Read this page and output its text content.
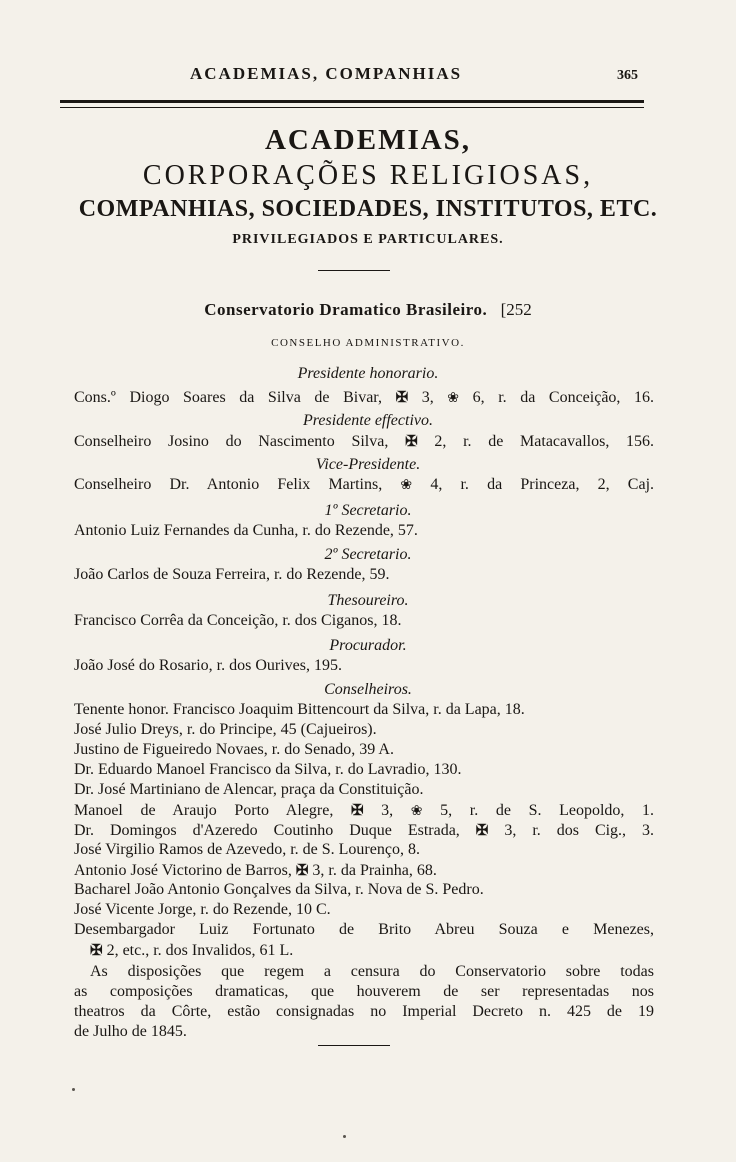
ACADEMIAS, COMPANHIAS	365
ACADEMIAS,
CORPORAÇÕES RELIGIOSAS,
COMPANHIAS, SOCIEDADES, INSTITUTOS, ETC.
PRIVILEGIADOS E PARTICULARES.
Conservatorio Dramatico Brasileiro. [252
CONSELHO ADMINISTRATIVO.
Presidente honorario.
Cons.º Diogo Soares da Silva de Bivar, ✠ 3, ❀ 6, r. da Conceição, 16.
Presidente effectivo.
Conselheiro Josino do Nascimento Silva, ✠ 2, r. de Matacavallos, 156.
Vice-Presidente.
Conselheiro Dr. Antonio Felix Martins, ❀ 4, r. da Princeza, 2, Caj.
1º Secretario.
Antonio Luiz Fernandes da Cunha, r. do Rezende, 57.
2º Secretario.
João Carlos de Souza Ferreira, r. do Rezende, 59.
Thesoureiro.
Francisco Corrêa da Conceição, r. dos Ciganos, 18.
Procurador.
João José do Rosario, r. dos Ourives, 195.
Conselheiros.
Tenente honor. Francisco Joaquim Bittencourt da Silva, r. da Lapa, 18.
José Julio Dreys, r. do Principe, 45 (Cajueiros).
Justino de Figueiredo Novaes, r. do Senado, 39 A.
Dr. Eduardo Manoel Francisco da Silva, r. do Lavradio, 130.
Dr. José Martiniano de Alencar, praça da Constituição.
Manoel de Araujo Porto Alegre, ✠ 3, ❀ 5, r. de S. Leopoldo, 1.
Dr. Domingos d'Azeredo Coutinho Duque Estrada, ✠ 3, r. dos Cig., 3.
José Virgilio Ramos de Azevedo, r. de S. Lourenço, 8.
Antonio José Victorino de Barros, ✠ 3, r. da Prainha, 68.
Bacharel João Antonio Gonçalves da Silva, r. Nova de S. Pedro.
José Vicente Jorge, r. do Rezende, 10 C.
Desembargador Luiz Fortunato de Brito Abreu Souza e Menezes,
✠ 2, etc., r. dos Invalidos, 61 L.
As disposições que regem a censura do Conservatorio sobre todas
as composições dramaticas, que houverem de ser representadas nos
theatros da Côrte, estão consignadas no Imperial Decreto n. 425 de 19
de Julho de 1845.
